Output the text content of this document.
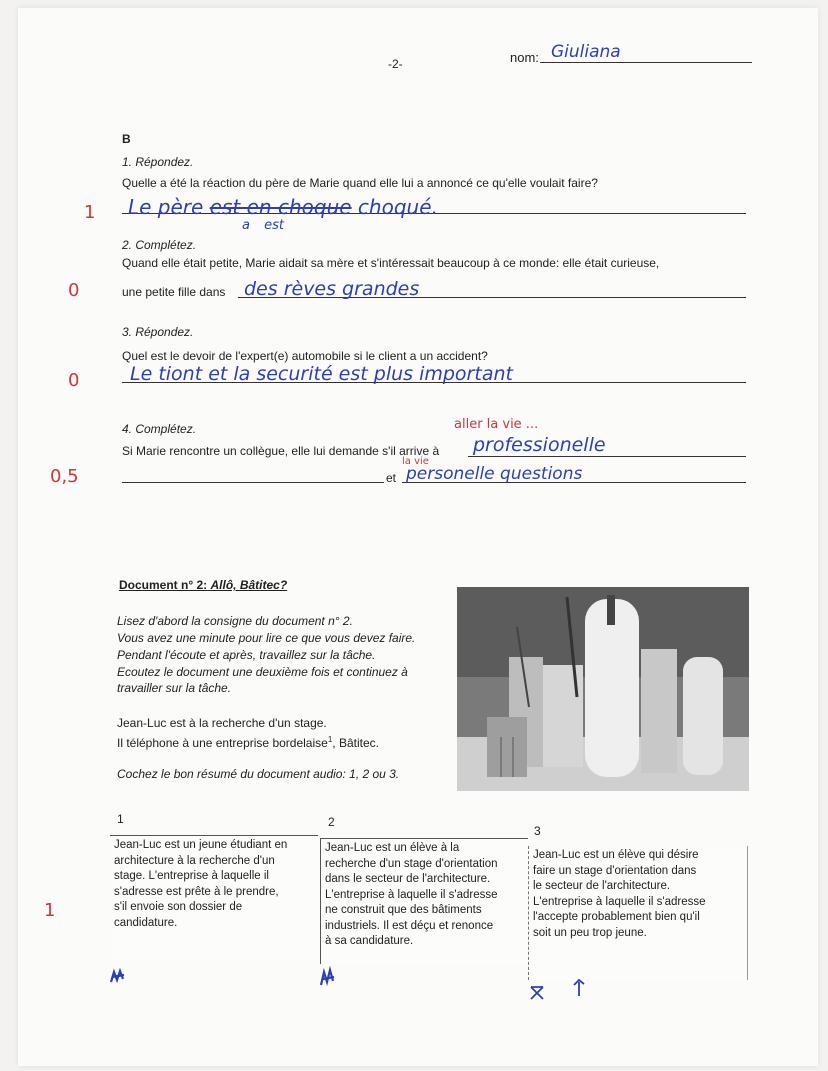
-2-	nom: Giuliana
B
1. Répondez.
Quelle a été la réaction du père de Marie quand elle lui a annoncé ce qu'elle voulait faire?
Le père est en choque choqué.
a est
1
2. Complétez.
Quand elle était petite, Marie aidait sa mère et s'intéressait beaucoup à ce monde: elle était curieuse,
une petite fille dans des rèves grandes
0
3. Répondez.
Quel est le devoir de l'expert(e) automobile si le client a un accident?
Le tiont et la securité est plus important
0
4. Complétez.
Si Marie rencontre un collègue, elle lui demande s'il arrive à
aller la vie ...
professionelle
et
la vie
personelle questions
0,5
Document n° 2: Allô, Bâtitec?
Lisez d'abord la consigne du document n° 2.
Vous avez une minute pour lire ce que vous devez faire.
Pendant l'écoute et après, travaillez sur la tâche.
Ecoutez le document une deuxième fois et continuez à
travailler sur la tâche.
Jean-Luc est à la recherche d'un stage.
Il téléphone à une entreprise bordelaise$^1$, Bâtitec.
Cochez le bon résumé du document audio: 1, 2 ou 3.
1	2
3
Jean-Luc est un jeune étudiant en
architecture à la recherche d'un
stage. L'entreprise à laquelle il
s'adresse est prête à le prendre,
s'il envoie son dossier de
candidature.
Jean-Luc est un élève à la
recherche d'un stage d'orientation
dans le secteur de l'architecture.
L'entreprise à laquelle il s'adresse
ne construit que des bâtiments
industriels. Il est déçu et renonce
à sa candidature.
Jean-Luc est un élève qui désire
faire un stage d'orientation dans
le secteur de l'architecture.
L'entreprise à laquelle il s'adresse
l'accepte probablement bien qu'il
soit un peu trop jeune.
1
